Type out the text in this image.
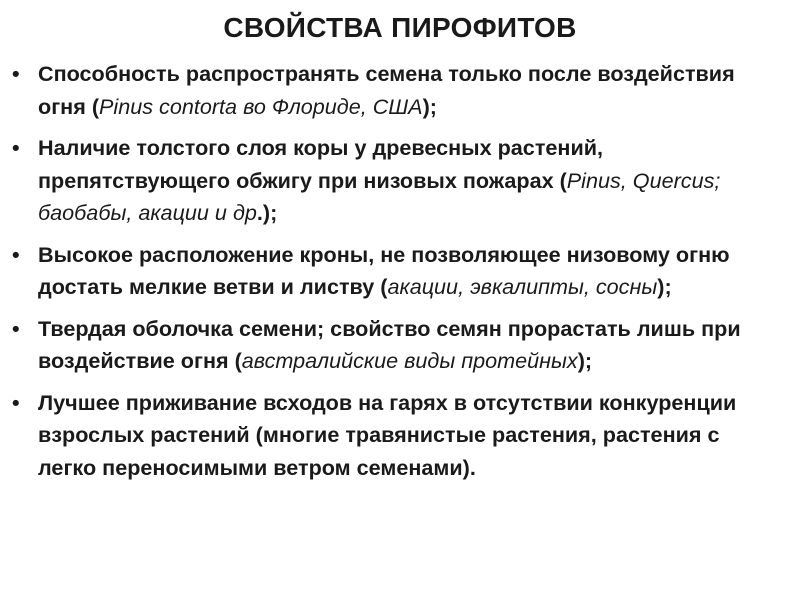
СВОЙСТВА ПИРОФИТОВ
• Способность распространять семена только после воздействия огня (Pinus contorta во Флориде, США);
• Наличие толстого слоя коры у древесных растений, препятствующего обжигу при низовых пожарах (Pinus, Quercus; баобабы, акации и др.);
• Высокое расположение кроны, не позволяющее низовому огню достать мелкие ветви и листву (акации, эвкалипты, сосны);
• Твердая оболочка семени; свойство семян прорастать лишь при воздействие огня (австралийские виды протейных);
• Лучшее приживание всходов на гарях в отсутствии конкуренции взрослых растений (многие травянистые растения, растения с легко переносимыми ветром семенами).
